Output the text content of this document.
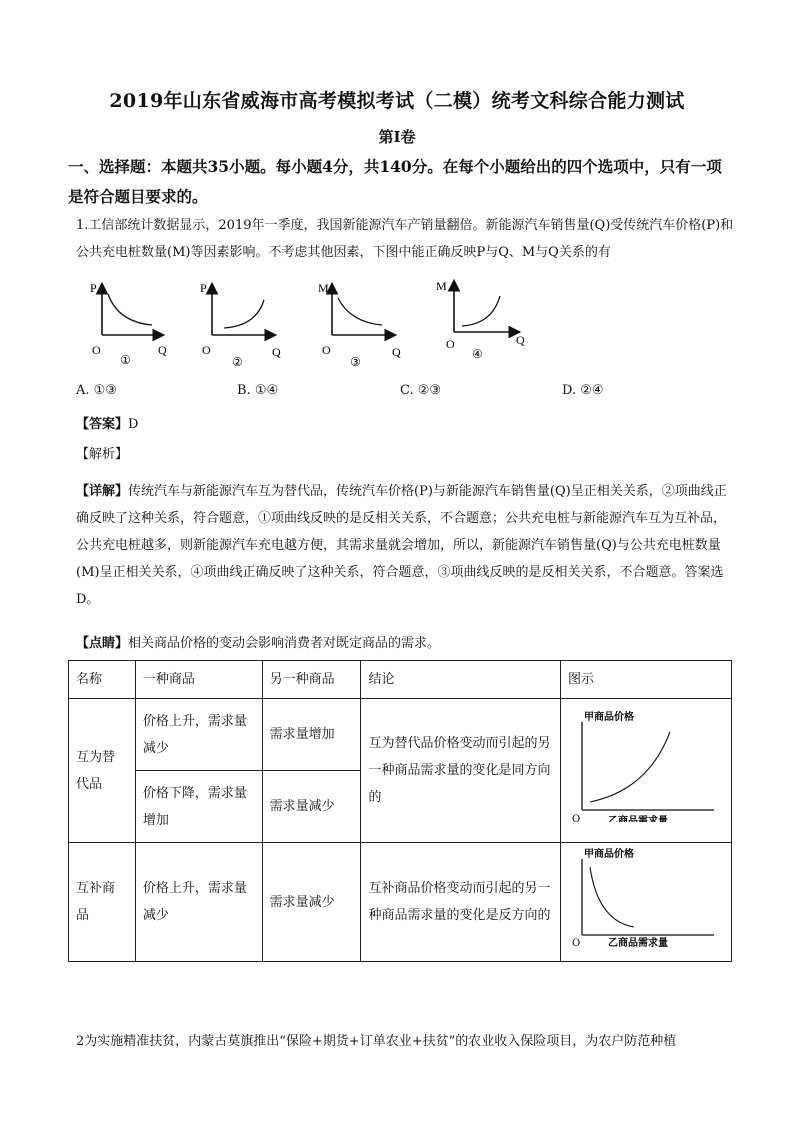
2019年山东省威海市高考模拟考试（二模）统考文科综合能力测试
第Ⅰ卷
一、选择题：本题共35小题。每小题4分，共140分。在每个小题给出的四个选项中，只有一项是符合题目要求的。
1.工信部统计数据显示，2019年一季度，我国新能源汽车产销量翻倍。新能源汽车销售量(Q)受传统汽车价格(P)和公共充电桩数量(M)等因素影响。不考虑其他因素，下图中能正确反映P与Q、M与Q关系的有
P
Q
O
①
P
Q
O
②
M
Q
O
③
M
Q
O
④
A. ①③	B. ①④	C. ②③	D. ②④
【答案】D
【解析】
【详解】传统汽车与新能源汽车互为替代品，传统汽车价格(P)与新能源汽车销售量(Q)呈正相关关系，②项曲线正确反映了这种关系，符合题意，①项曲线反映的是反相关关系，不合题意；公共充电桩与新能源汽车互为互补品，公共充电桩越多，则新能源汽车充电越方便，其需求量就会增加，所以，新能源汽车销售量(Q)与公共充电桩数量(M)呈正相关关系，④项曲线正确反映了这种关系，符合题意，③项曲线反映的是反相关关系，不合题意。答案选D。
【点睛】相关商品价格的变动会影响消费者对既定商品的需求。
名称	一种商品	另一种商品	结论	图示
互为替代品	价格上升，需求量减少	需求量增加	互为替代品价格变动而引起的另一种商品需求量的变化是同方向的	甲商品价格
乙商品需求量
O

	价格下降，需求量增加	需求量减少		
互补商品	价格上升，需求量减少	需求量减少	互补商品价格变动而引起的另一种商品需求量的变化是反方向的	甲商品价格
乙商品需求量
O
2为实施精准扶贫，内蒙古莫旗推出“保险+期货+订单农业+扶贫”的农业收入保险项目，为农户防范种植
